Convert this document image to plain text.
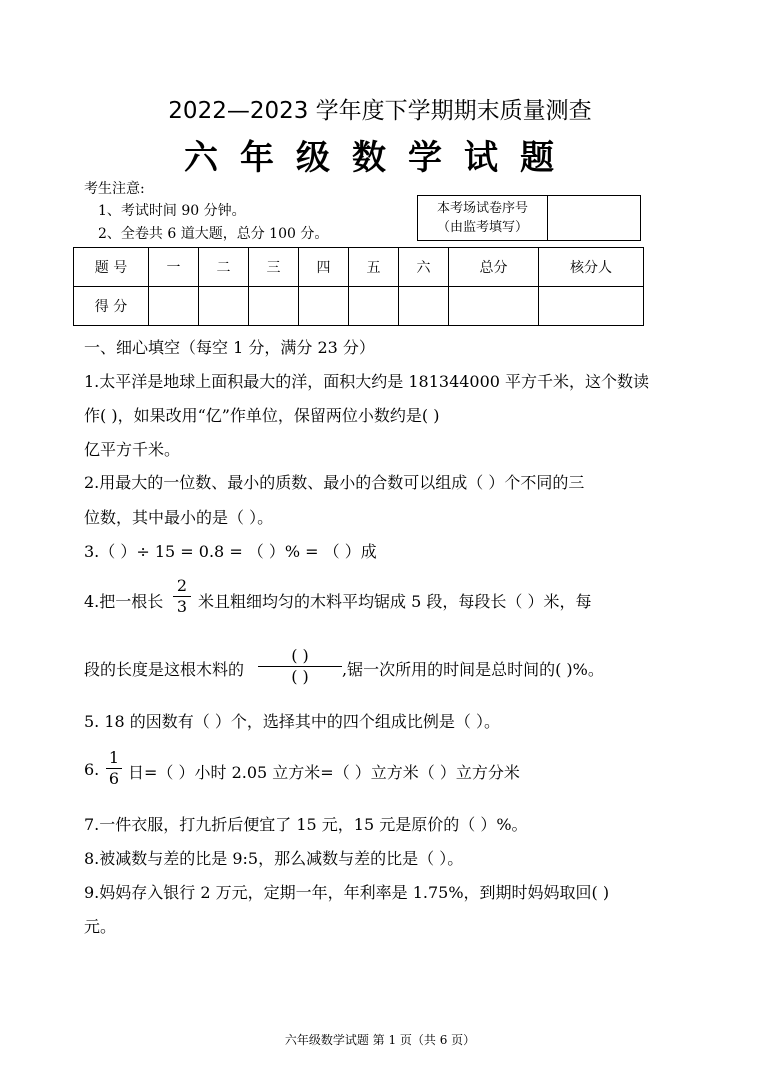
2022—2023 学年度下学期期末质量测查
六年级数学试题
考生注意:
1、考试时间 90 分钟。
2、全卷共 6 道大题，总分 100 分。
本考场试卷序号
（由监考填写）
题 号	一	二	三	四	五	六	总分	核分人
得 分								
一、细心填空（每空 1 分，满分 23 分）
1.太平洋是地球上面积最大的洋，面积大约是 181344000 平方千米，这个数读
作( )，如果改用“亿”作单位，保留两位小数约是( )
亿平方千米。
2.用最大的一位数、最小的质数、最小的合数可以组成（ ）个不同的三
位数，其中最小的是（ ）。
3.（ ）÷ 15 = 0.8 = （ ）% = （ ）成
4.把一根长 $\frac{2}{3}$ 米且粗细均匀的木料平均锯成 5 段，每段长（ ）米，每
段的长度是这根木料的
( )
( )	,锯一次所用的时间是总时间的( )%。
5. 18 的因数有（ ）个，选择其中的四个组成比例是（ ）。
6. $\frac{1}{6}$ 日=（ ）小时 2.05 立方米=（ ）立方米（ ）立方分米
7.一件衣服，打九折后便宜了 15 元，15 元是原价的（ ）%。
8.被减数与差的比是 9:5，那么减数与差的比是（ ）。
9.妈妈存入银行 2 万元，定期一年，年利率是 1.75%，到期时妈妈取回( )
元。
六年级数学试题 第 1 页（共 6 页）
